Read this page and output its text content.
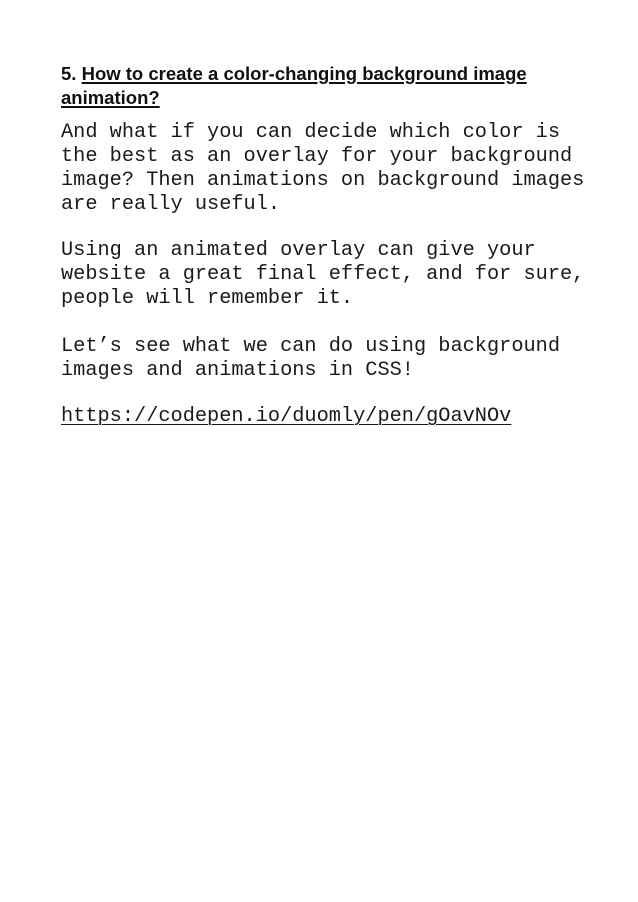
5. How to create a color-changing background image animation?

And what if you can decide which color is the best as an overlay for your background image? Then animations on background images are really useful.

Using an animated overlay can give your website a great final effect, and for sure, people will remember it.

Let’s see what we can do using background images and animations in CSS!

https://codepen.io/duomly/pen/gOavNOv
